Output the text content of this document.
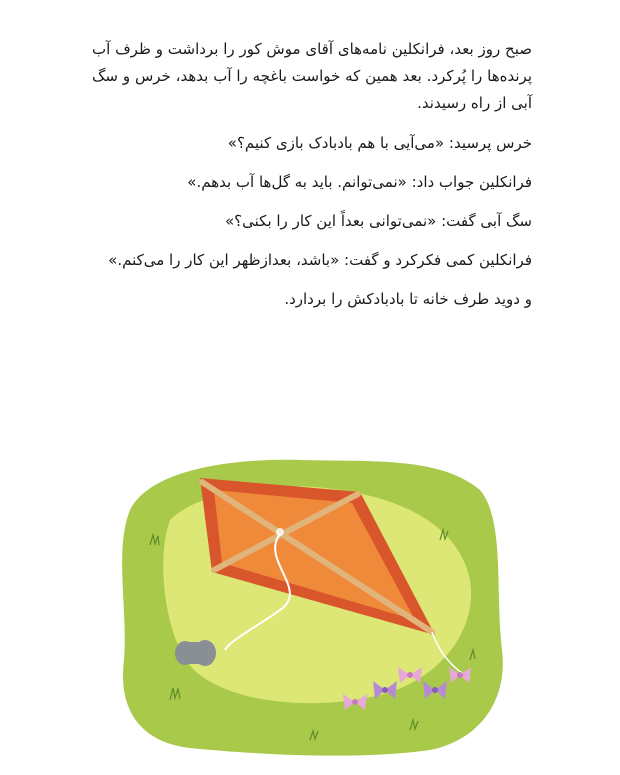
صبح روز بعد، فرانکلین نامه‌های آقای موش کور را برداشت و ظرف آب پرنده‌ها را پُرکرد. بعد همین که خواست باغچه را آب بدهد، خرس و سگ آبی از راه رسیدند.

خرس پرسید: «می‌آیی با هم بادبادک بازی کنیم؟»

فرانکلین جواب داد: «نمی‌توانم. باید به گل‌ها آب بدهم.»

سگ آبی گفت: «نمی‌توانی بعداً این کار را بکنی؟»

فرانکلین کمی فکرکرد و گفت: «باشد، بعدازظهر این کار را می‌کنم.»

و دوید طرف خانه تا بادبادکش را بردارد.
